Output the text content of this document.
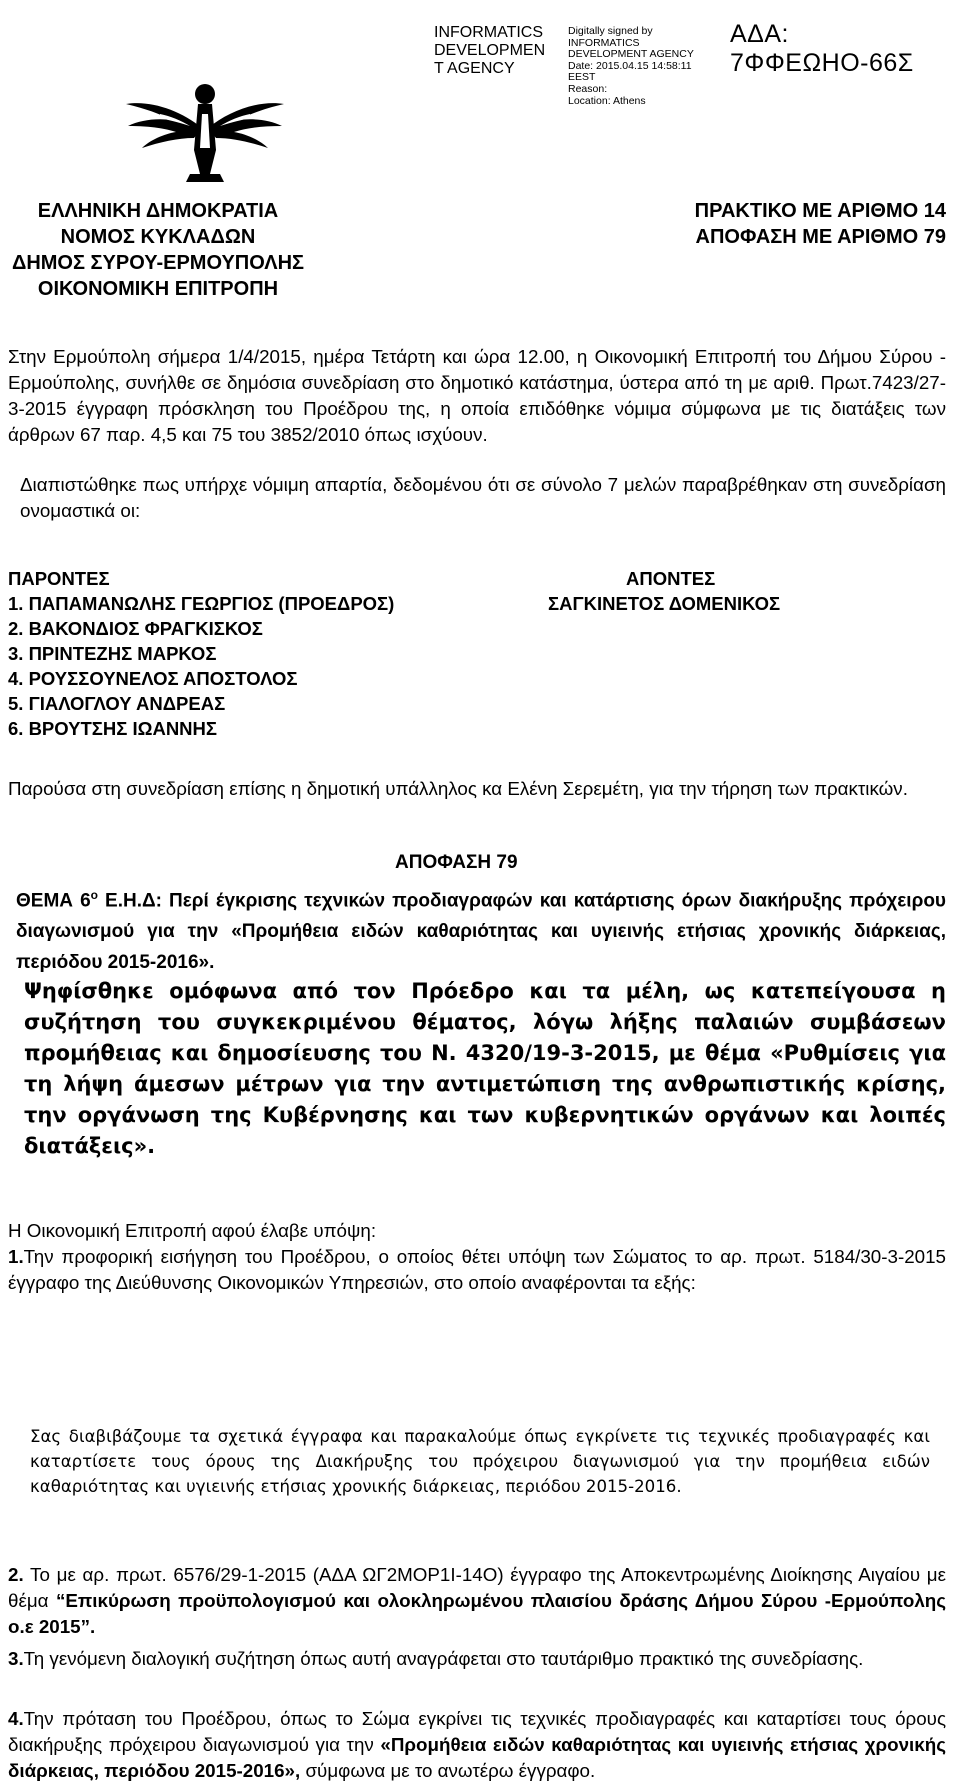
INFORMATICS
DEVELOPMEN
T AGENCY
Digitally signed by
INFORMATICS
DEVELOPMENT AGENCY
Date: 2015.04.15 14:58:11
EEST
Reason:
Location: Athens
ΑΔΑ: 7ΦΦΕΩΗΟ-66Σ
ΕΛΛΗΝΙΚΗ ΔΗΜΟΚΡΑΤΙΑ
ΝΟΜΟΣ ΚΥΚΛΑΔΩΝ
ΔΗΜΟΣ ΣΥΡΟΥ-ΕΡΜΟΥΠΟΛΗΣ
ΟΙΚΟΝΟΜΙΚΗ ΕΠΙΤΡΟΠΗ
ΠΡΑΚΤΙΚΟ ΜΕ ΑΡΙΘΜΟ 14
ΑΠΟΦΑΣΗ ΜΕ ΑΡΙΘΜΟ 79
Στην Ερμούπολη σήμερα 1/4/2015, ημέρα Τετάρτη και ώρα 12.00, η Οικονομική Επιτροπή του Δήμου Σύρου - Ερμούπολης, συνήλθε σε δημόσια συνεδρίαση στο δημοτικό κατάστημα, ύστερα από τη με αριθ. Πρωτ.7423/27-3-2015 έγγραφη πρόσκληση του Προέδρου της, η οποία επιδόθηκε νόμιμα σύμφωνα με τις διατάξεις των άρθρων 67 παρ. 4,5 και 75 του 3852/2010 όπως ισχύουν.
Διαπιστώθηκε πως υπήρχε νόμιμη απαρτία, δεδομένου ότι σε σύνολο 7 μελών παραβρέθηκαν στη συνεδρίαση ονομαστικά οι:
ΠΑΡΟΝΤΕΣ
1. ΠΑΠΑΜΑΝΩΛΗΣ ΓΕΩΡΓΙΟΣ (ΠΡΟΕΔΡΟΣ)
2. ΒΑΚΟΝΔΙΟΣ ΦΡΑΓΚΙΣΚΟΣ
3. ΠΡΙΝΤΕΖΗΣ ΜΑΡΚΟΣ
4. ΡΟΥΣΣΟΥΝΕΛΟΣ ΑΠΟΣΤΟΛΟΣ
5. ΓΙΑΛΟΓΛΟΥ ΑΝΔΡΕΑΣ
6. ΒΡΟΥΤΣΗΣ ΙΩΑΝΝΗΣ
ΑΠΟΝΤΕΣ
ΣΑΓΚΙΝΕΤΟΣ ΔΟΜΕΝΙΚΟΣ
Παρούσα στη συνεδρίαση επίσης η δημοτική υπάλληλος κα Ελένη Σερεμέτη, για την τήρηση των πρακτικών.
ΑΠΟΦΑΣΗ 79
ΘΕΜΑ $6^o$ Ε.Η.Δ: Περί έγκρισης τεχνικών προδιαγραφών και κατάρτισης όρων διακήρυξης πρόχειρου διαγωνισμού για την «Προμήθεια ειδών καθαριότητας και υγιεινής ετήσιας χρονικής διάρκειας, περιόδου 2015-2016».
Ψηφίσθηκε ομόφωνα από τον Πρόεδρο και τα μέλη, ως κατεπείγουσα η συζήτηση του συγκεκριμένου θέματος, λόγω λήξης παλαιών συμβάσεων προμήθειας και δημοσίευσης του Ν. 4320/19-3-2015, με θέμα «Ρυθμίσεις για τη λήψη άμεσων μέτρων για την αντιμετώπιση της ανθρωπιστικής κρίσης, την οργάνωση της Κυβέρνησης και των κυβερνητικών οργάνων και λοιπές διατάξεις».
Η Οικονομική Επιτροπή αφού έλαβε υπόψη:
1.Την προφορική εισήγηση του Προέδρου, ο οποίος θέτει υπόψη των Σώματος το αρ. πρωτ. 5184/30-3-2015 έγγραφο της Διεύθυνσης Οικονομικών Υπηρεσιών, στο οποίο αναφέρονται τα εξής:
Σας διαβιβάζουμε τα σχετικά έγγραφα και παρακαλούμε όπως εγκρίνετε τις τεχνικές προδιαγραφές και καταρτίσετε τους όρους της Διακήρυξης του πρόχειρου διαγωνισμού για την προμήθεια ειδών καθαριότητας και υγιεινής ετήσιας χρονικής διάρκειας, περιόδου 2015-2016.
2. Το με αρ. πρωτ. 6576/29-1-2015 (ΑΔΑ ΩΓ2ΜΟΡ1Ι-14Ο) έγγραφο της Αποκεντρωμένης Διοίκησης Αιγαίου με θέμα “Επικύρωση προϋπολογισμού και ολοκληρωμένου πλαισίου δράσης Δήμου Σύρου -Ερμούπολης ο.ε 2015”.
3.Τη γενόμενη διαλογική συζήτηση όπως αυτή αναγράφεται στο ταυτάριθμο πρακτικό της συνεδρίασης.
4.Την πρόταση του Προέδρου, όπως το Σώμα εγκρίνει τις τεχνικές προδιαγραφές και καταρτίσει τους όρους διακήρυξης πρόχειρου διαγωνισμού για την «Προμήθεια ειδών καθαριότητας και υγιεινής ετήσιας χρονικής διάρκειας, περιόδου 2015-2016», σύμφωνα με το ανωτέρω έγγραφο.
